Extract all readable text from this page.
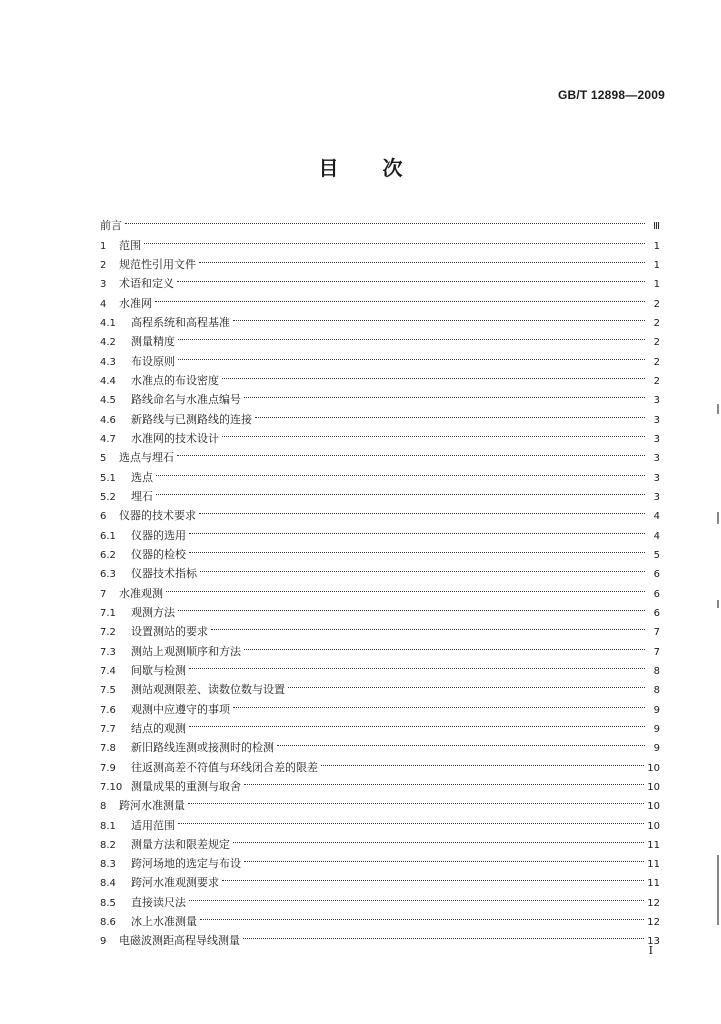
GB/T 12898—2009
目 次
前言	Ⅲ
1	范围	1
2	规范性引用文件	1
3	术语和定义	1
4	水准网	2
4.1	高程系统和高程基准	2
4.2	测量精度	2
4.3	布设原则	2
4.4	水准点的布设密度	2
4.5	路线命名与水准点编号	3
4.6	新路线与已测路线的连接	3
4.7	水准网的技术设计	3
5	选点与埋石	3
5.1	选点	3
5.2	埋石	3
6	仪器的技术要求	4
6.1	仪器的选用	4
6.2	仪器的检校	5
6.3	仪器技术指标	6
7	水准观测	6
7.1	观测方法	6
7.2	设置测站的要求	7
7.3	测站上观测顺序和方法	7
7.4	间歇与检测	8
7.5	测站观测限差、读数位数与设置	8
7.6	观测中应遵守的事项	9
7.7	结点的观测	9
7.8	新旧路线连测或接测时的检测	9
7.9	往返测高差不符值与环线闭合差的限差	10
7.10 测量成果的重测与取舍	10
8	跨河水准测量	10
8.1	适用范围	10
8.2	测量方法和限差规定	11
8.3	跨河场地的选定与布设	11
8.4	跨河水准观测要求	11
8.5	直接读尺法	12
8.6	冰上水准测量	12
9	电磁波测距高程导线测量	13
I
